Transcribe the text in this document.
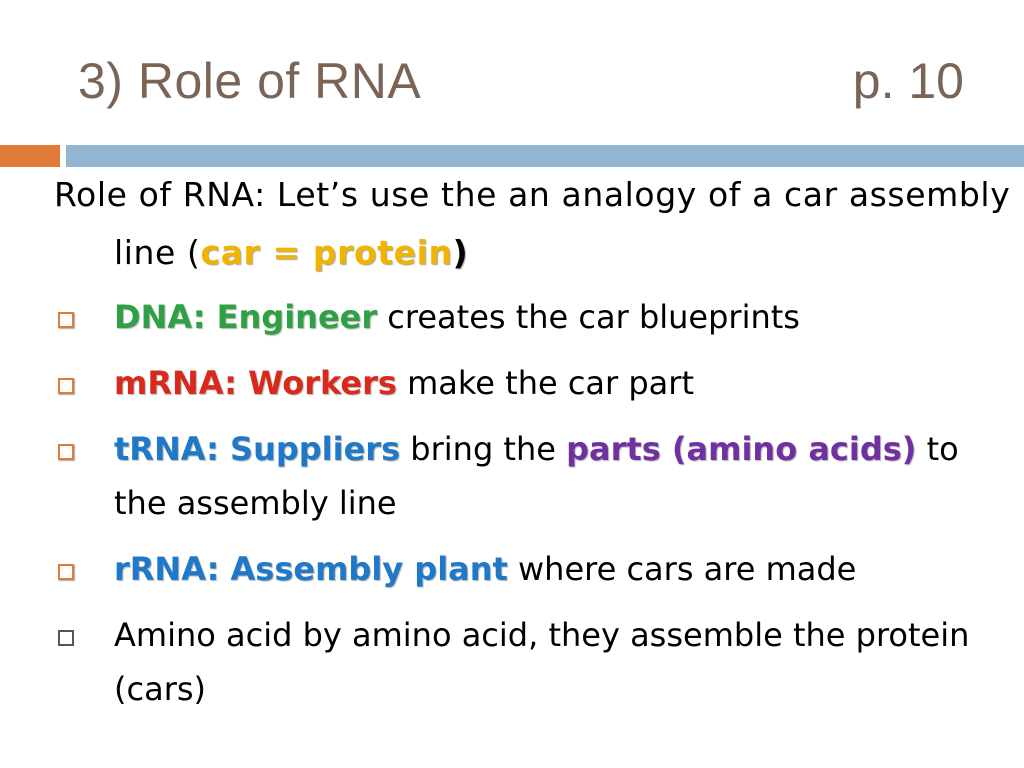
3) Role of RNA	p. 10
Role of RNA: Let’s use the an analogy of a car assembly line (car = protein)
DNA: Engineer creates the car blueprints
mRNA: Workers make the car part
tRNA: Suppliers bring the parts (amino acids) to the assembly line
rRNA: Assembly plant where cars are made
Amino acid by amino acid, they assemble the protein (cars)
